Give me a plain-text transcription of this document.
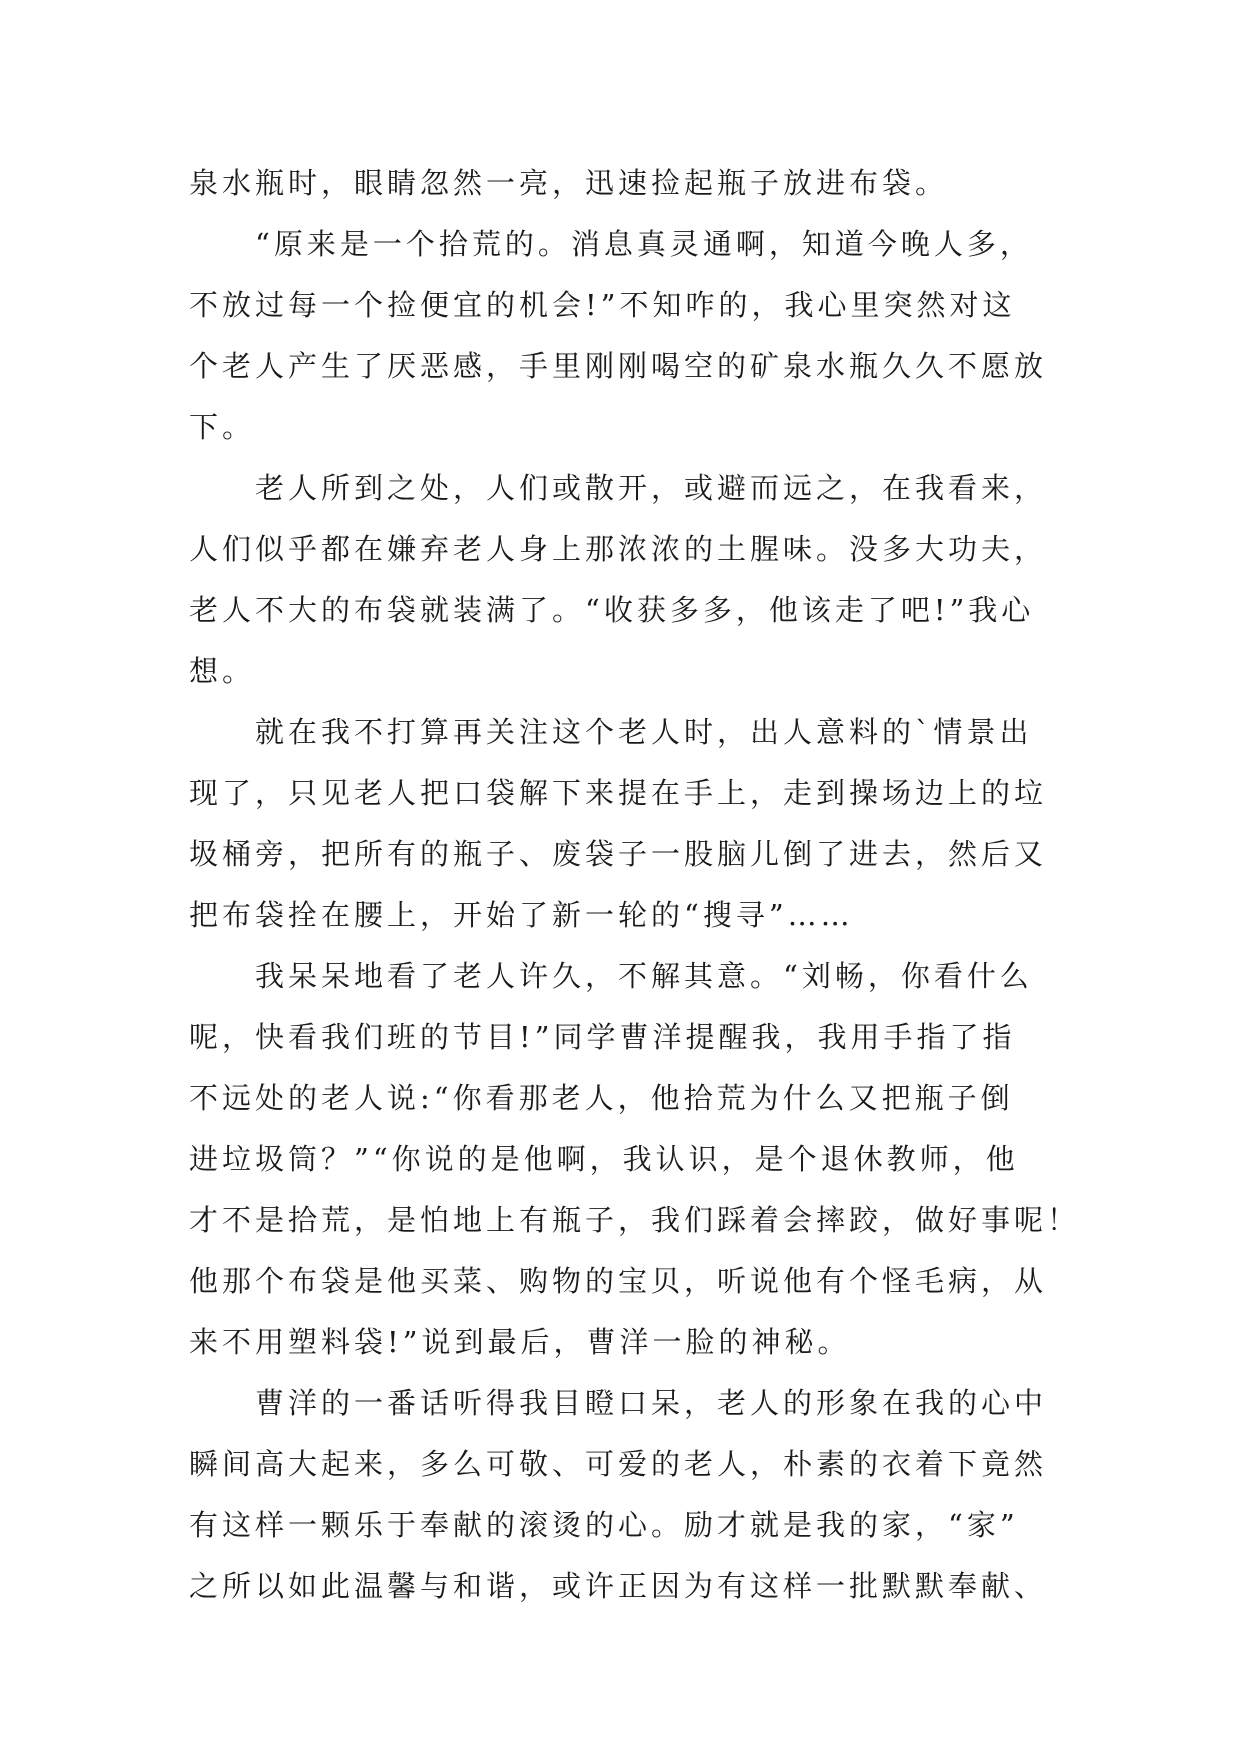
泉水瓶时，眼睛忽然一亮，迅速捡起瓶子放进布袋。
“原来是一个拾荒的。消息真灵通啊，知道今晚人多，
不放过每一个捡便宜的机会!”不知咋的，我心里突然对这
个老人产生了厌恶感，手里刚刚喝空的矿泉水瓶久久不愿放
下。
老人所到之处，人们或散开，或避而远之，在我看来，
人们似乎都在嫌弃老人身上那浓浓的土腥味。没多大功夫，
老人不大的布袋就装满了。“收获多多，他该走了吧!”我心
想。
就在我不打算再关注这个老人时，出人意料的`情景出
现了，只见老人把口袋解下来提在手上，走到操场边上的垃
圾桶旁，把所有的瓶子、废袋子一股脑儿倒了进去，然后又
把布袋拴在腰上，开始了新一轮的“搜寻”……
我呆呆地看了老人许久，不解其意。“刘畅，你看什么
呢，快看我们班的节目!”同学曹洋提醒我，我用手指了指
不远处的老人说:“你看那老人，他拾荒为什么又把瓶子倒
进垃圾筒？”“你说的是他啊，我认识，是个退休教师，他
才不是拾荒，是怕地上有瓶子，我们踩着会摔跤，做好事呢！
他那个布袋是他买菜、购物的宝贝，听说他有个怪毛病，从
来不用塑料袋!”说到最后，曹洋一脸的神秘。
曹洋的一番话听得我目瞪口呆，老人的形象在我的心中
瞬间高大起来，多么可敬、可爱的老人，朴素的衣着下竟然
有这样一颗乐于奉献的滚烫的心。励才就是我的家，“家”
之所以如此温馨与和谐，或许正因为有这样一批默默奉献、
